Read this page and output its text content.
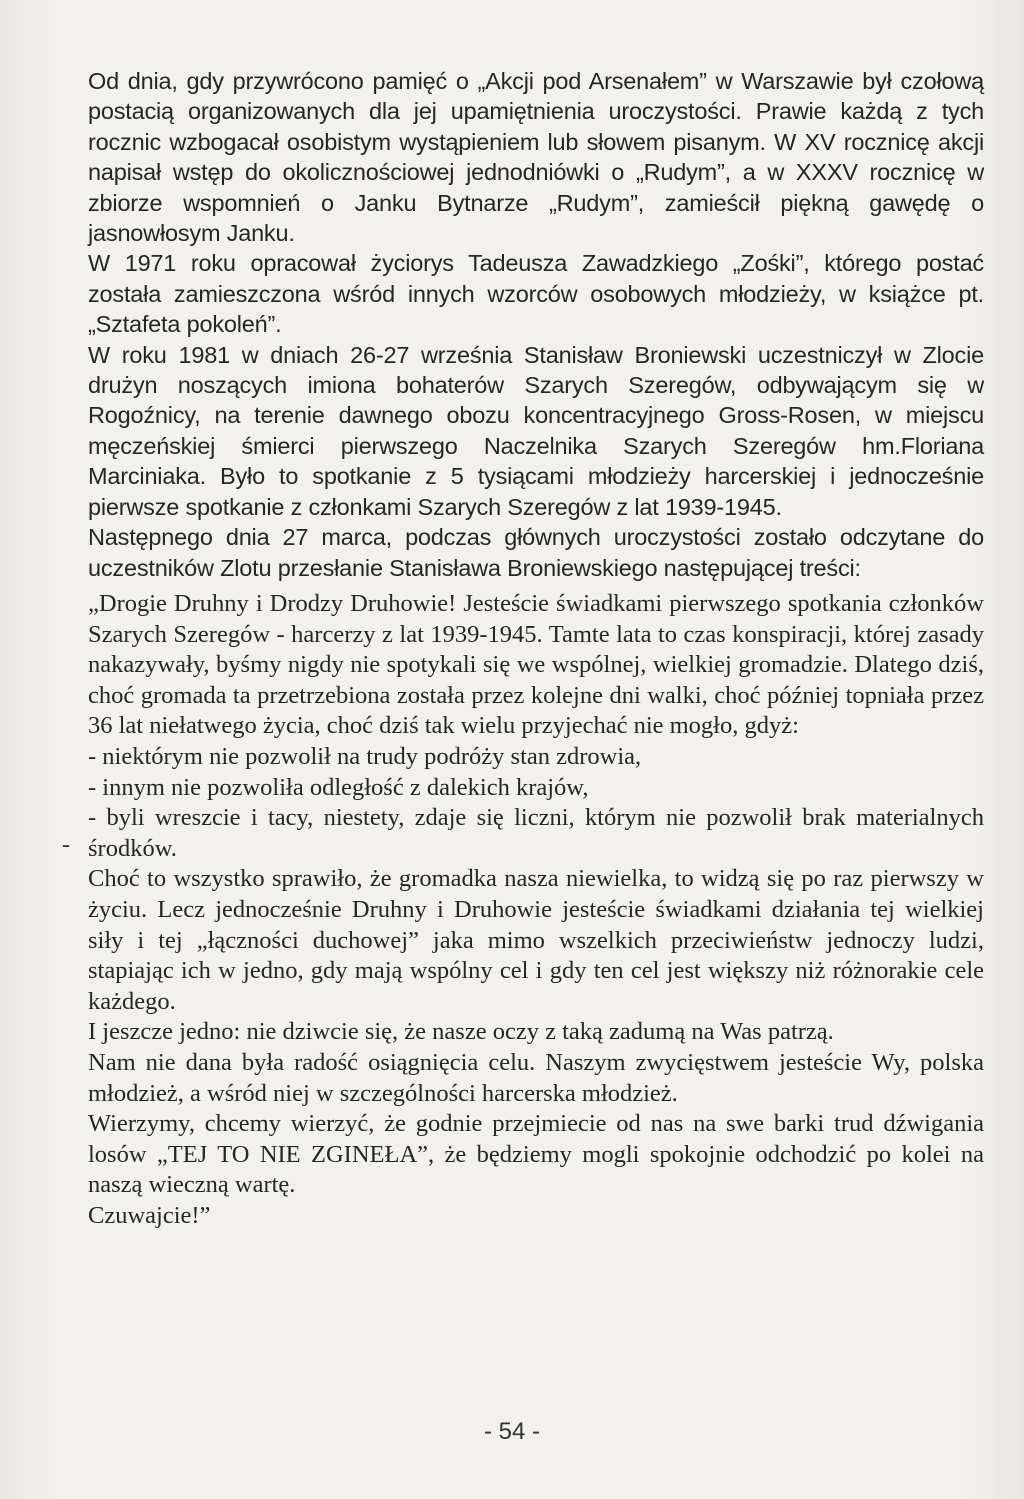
Od dnia, gdy przywrócono pamięć o „Akcji pod Arsenałem” w Warszawie był czołową postacią organizowanych dla jej upamiętnienia uroczystości. Prawie każdą z tych rocznic wzbogacał osobistym wystąpieniem lub słowem pisanym. W XV rocznicę akcji napisał wstęp do okolicznościowej jednodniówki o „Rudym”, a w XXXV rocznicę w zbiorze wspomnień o Janku Bytnarze „Rudym”, zamieścił piękną gawędę o jasnowłosym Janku.

W 1971 roku opracował życiorys Tadeusza Zawadzkiego „Zośki”, którego postać została zamieszczona wśród innych wzorców osobowych młodzieży, w książce pt. „Sztafeta pokoleń”.

W roku 1981 w dniach 26-27 września Stanisław Broniewski uczestniczył w Zlocie drużyn noszących imiona bohaterów Szarych Szeregów, odbywającym się w Rogoźnicy, na terenie dawnego obozu koncentracyjnego Gross-Rosen, w miejscu męczeńskiej śmierci pierwszego Naczelnika Szarych Szeregów hm.Floriana Marciniaka. Było to spotkanie z 5 tysiącami młodzieży harcerskiej i jednocześnie pierwsze spotkanie z członkami Szarych Szeregów z lat 1939-1945.

Następnego dnia 27 marca, podczas głównych uroczystości zostało odczytane do uczestników Zlotu przesłanie Stanisława Broniewskiego następującej treści:

„Drogie Druhny i Drodzy Druhowie! Jesteście świadkami pierwszego spotkania członków Szarych Szeregów - harcerzy z lat 1939-1945. Tamte lata to czas konspiracji, której zasady nakazywały, byśmy nigdy nie spotykali się we wspólnej, wielkiej gromadzie. Dlatego dziś, choć gromada ta przetrzebiona została przez kolejne dni walki, choć później topniała przez 36 lat niełatwego życia, choć dziś tak wielu przyjechać nie mogło, gdyż:

- niektórym nie pozwolił na trudy podróży stan zdrowia,

- innym nie pozwoliła odległość z dalekich krajów,

- byli wreszcie i tacy, niestety, zdaje się liczni, którym nie pozwolił brak materialnych środków.

Choć to wszystko sprawiło, że gromadka nasza niewielka, to widzą się po raz pierwszy w życiu. Lecz jednocześnie Druhny i Druhowie jesteście świadkami działania tej wielkiej siły i tej „łączności duchowej” jaka mimo wszelkich przeciwieństw jednoczy ludzi, stapiając ich w jedno, gdy mają wspólny cel i gdy ten cel jest większy niż różnorakie cele każdego.

I jeszcze jedno: nie dziwcie się, że nasze oczy z taką zadumą na Was patrzą.

Nam nie dana była radość osiągnięcia celu. Naszym zwycięstwem jesteście Wy, polska młodzież, a wśród niej w szczególności harcerska młodzież.

Wierzymy, chcemy wierzyć, że godnie przejmiecie od nas na swe barki trud dźwigania losów „TEJ TO NIE ZGINEŁA”, że będziemy mogli spokojnie odchodzić po kolei na naszą wieczną wartę.

Czuwajcie!”

-
- 54 -
